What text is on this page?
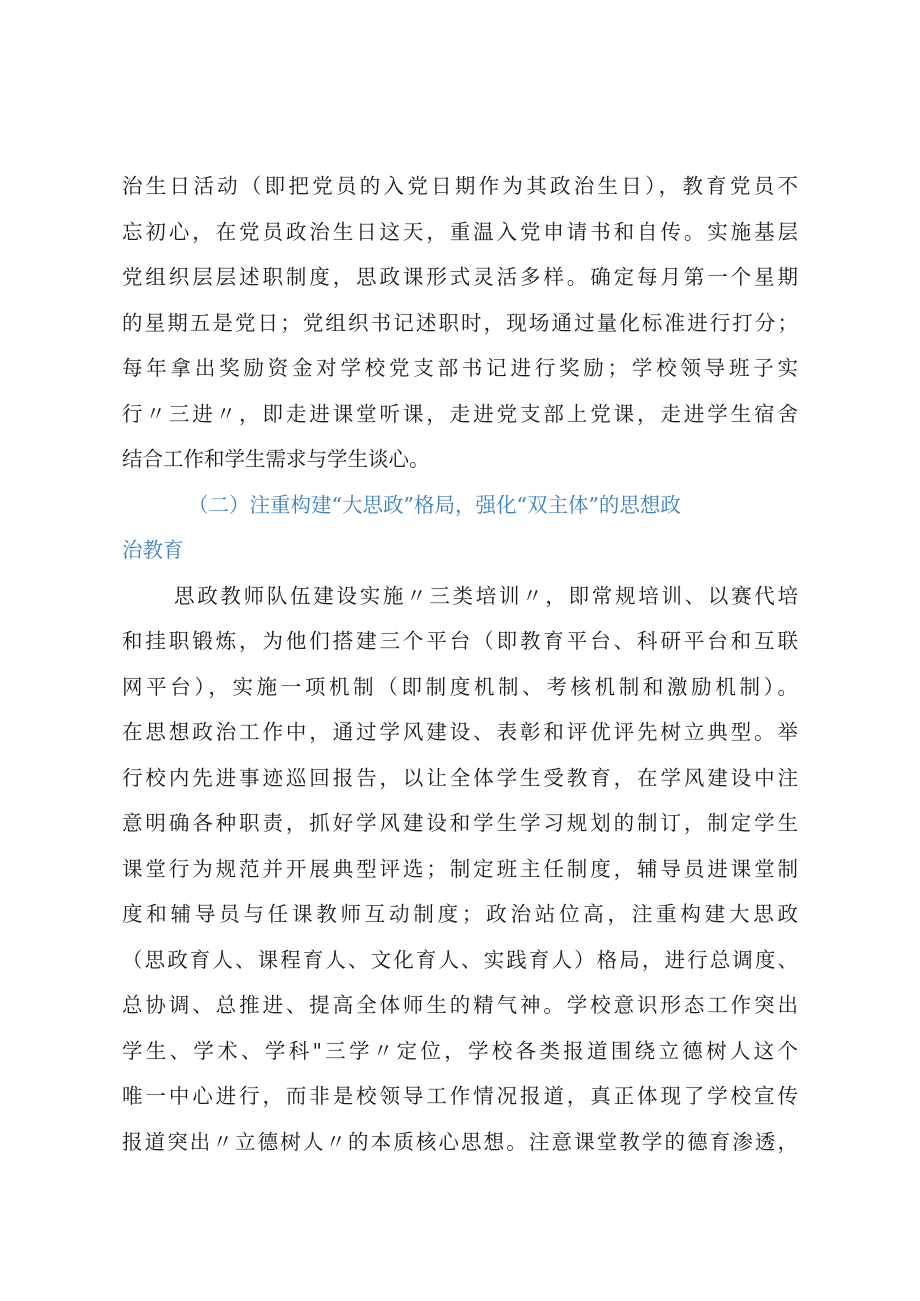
治生日活动（即把党员的入党日期作为其政治生日），教育党员不
忘初心，在党员政治生日这天，重温入党申请书和自传。实施基层
党组织层层述职制度，思政课形式灵活多样。确定每月第一个星期
的星期五是党日；党组织书记述职时，现场通过量化标准进行打分；
每年拿出奖励资金对学校党支部书记进行奖励；学校领导班子实
行〃三进〃，即走进课堂听课，走进党支部上党课，走进学生宿舍
结合工作和学生需求与学生谈心。
（二）注重构建“大思政”格局，强化“双主体”的思想政
治教育
思政教师队伍建设实施〃三类培训〃，即常规培训、以赛代培
和挂职锻炼，为他们搭建三个平台（即教育平台、科研平台和互联
网平台），实施一项机制（即制度机制、考核机制和激励机制）。
在思想政治工作中，通过学风建设、表彰和评优评先树立典型。举
行校内先进事迹巡回报告，以让全体学生受教育，在学风建设中注
意明确各种职责，抓好学风建设和学生学习规划的制订，制定学生
课堂行为规范并开展典型评选；制定班主任制度，辅导员进课堂制
度和辅导员与任课教师互动制度；政治站位高，注重构建大思政
（思政育人、课程育人、文化育人、实践育人）格局，进行总调度、
总协调、总推进、提高全体师生的精气神。学校意识形态工作突出
学生、学术、学科"三学〃定位，学校各类报道围绕立德树人这个
唯一中心进行，而非是校领导工作情况报道，真正体现了学校宣传
报道突出〃立德树人〃的本质核心思想。注意课堂教学的德育渗透，
